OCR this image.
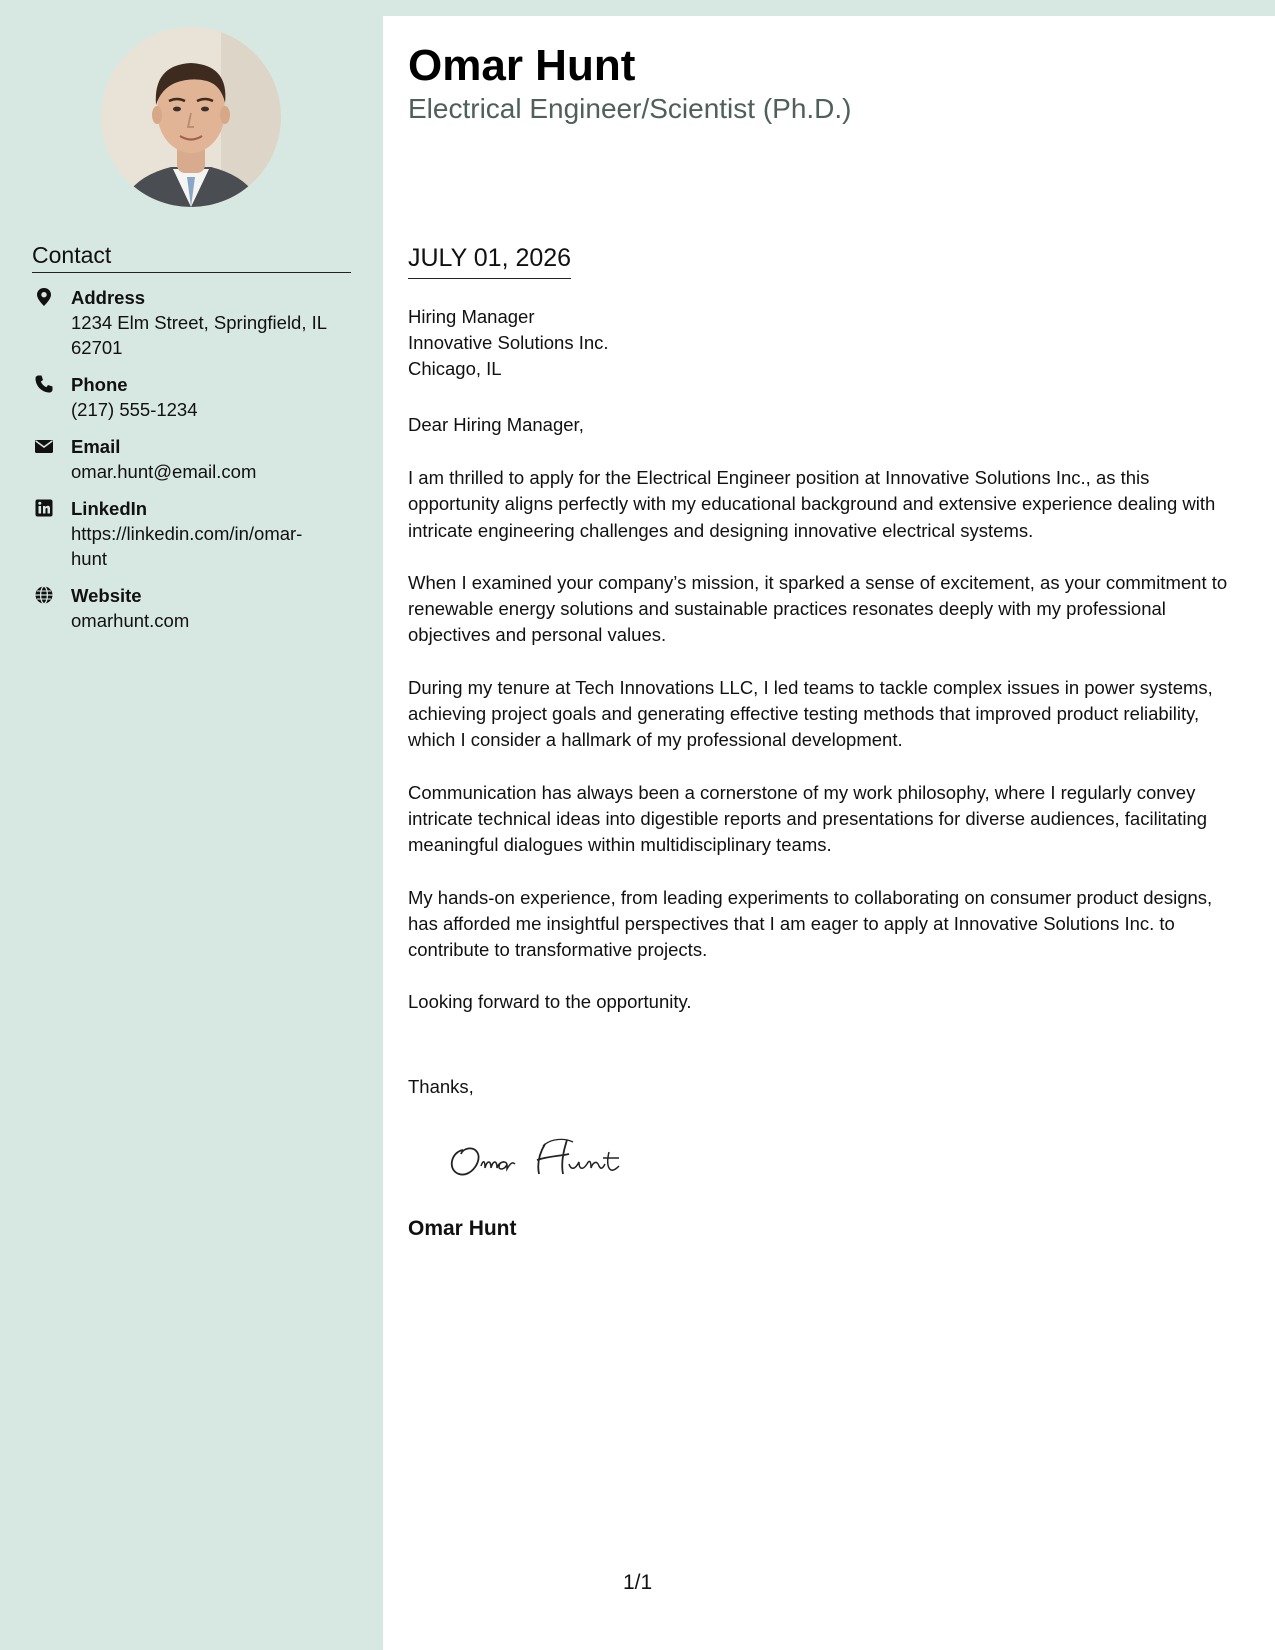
Contact
Address
1234 Elm Street, Springfield, IL 62701
Phone
(217) 555-1234
Email
omar.hunt@email.com
LinkedIn
https://linkedin.com/in/omar-
hunt
Website
omarhunt.com
Omar Hunt
Electrical Engineer/Scientist (Ph.D.)
JULY 01, 2026
Hiring Manager
Innovative Solutions Inc.
Chicago, IL
Dear Hiring Manager,

I am thrilled to apply for the Electrical Engineer position at Innovative Solutions Inc., as this opportunity aligns perfectly with my educational background and extensive experience dealing with intricate engineering challenges and designing innovative electrical systems.

When I examined your company’s mission, it sparked a sense of excitement, as your commitment to renewable energy solutions and sustainable practices resonates deeply with my professional objectives and personal values.

During my tenure at Tech Innovations LLC, I led teams to tackle complex issues in power systems, achieving project goals and generating effective testing methods that improved product reliability, which I consider a hallmark of my professional development.

Communication has always been a cornerstone of my work philosophy, where I regularly convey intricate technical ideas into digestible reports and presentations for diverse audiences, facilitating meaningful dialogues within multidisciplinary teams.

My hands-on experience, from leading experiments to collaborating on consumer product designs, has afforded me insightful perspectives that I am eager to apply at Innovative Solutions Inc. to contribute to transformative projects.

Looking forward to the opportunity.

Thanks,
Omar Hunt
1/1
